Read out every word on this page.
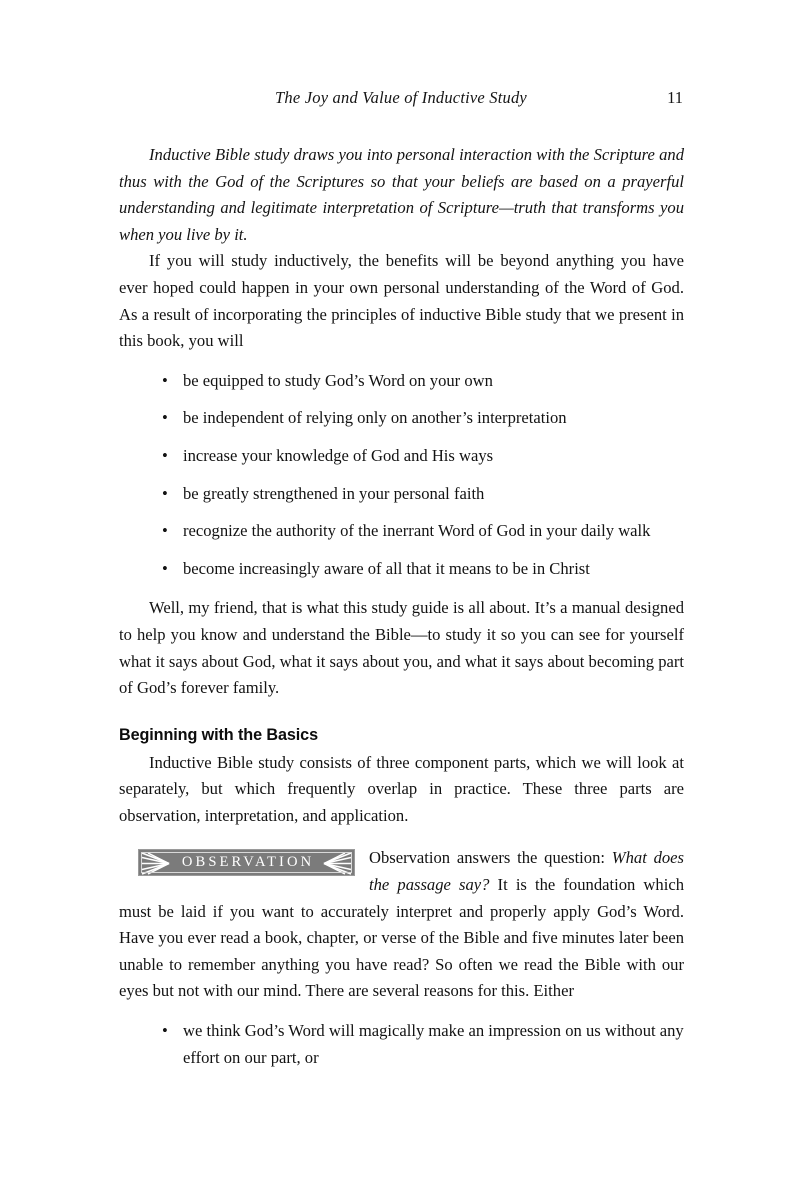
The Joy and Value of Inductive Study	11

Inductive Bible study draws you into personal interaction with the Scripture and thus with the God of the Scriptures so that your beliefs are based on a prayerful understanding and legitimate interpretation of Scripture—truth that transforms you when you live by it.

If you will study inductively, the benefits will be beyond anything you have ever hoped could happen in your own personal understanding of the Word of God. As a result of incorporating the principles of inductive Bible study that we present in this book, you will

• be equipped to study God’s Word on your own
• be independent of relying only on another’s interpretation
• increase your knowledge of God and His ways
• be greatly strengthened in your personal faith
• recognize the authority of the inerrant Word of God in your daily walk
• become increasingly aware of all that it means to be in Christ

Well, my friend, that is what this study guide is all about. It’s a manual designed to help you know and understand the Bible—to study it so you can see for yourself what it says about God, what it says about you, and what it says about becoming part of God’s forever family.

Beginning with the Basics

Inductive Bible study consists of three component parts, which we will look at separately, but which frequently overlap in practice. These three parts are observation, interpretation, and application.

OBSERVATION	Observation answers the question: What does the passage say? It is the foundation which must be laid if you want to accurately interpret and properly apply God’s Word. Have you ever read a book, chapter, or verse of the Bible and five minutes later been unable to remember anything you have read? So often we read the Bible with our eyes but not with our mind. There are several reasons for this. Either

• we think God’s Word will magically make an impression on us without any effort on our part, or
